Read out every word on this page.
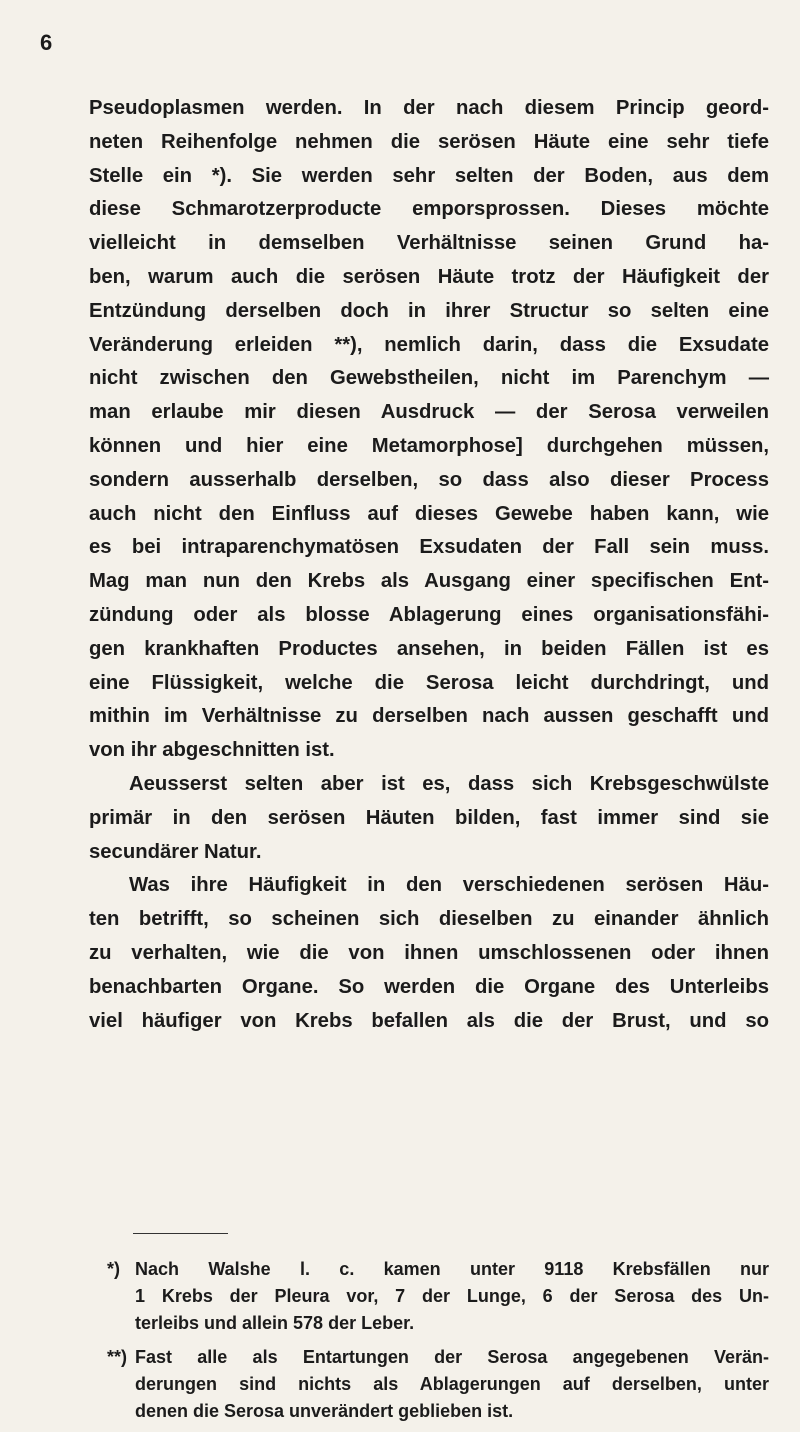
6
Pseudoplasmen werden. In der nach diesem Princip geord-
neten Reihenfolge nehmen die serösen Häute eine sehr tiefe
Stelle ein *). Sie werden sehr selten der Boden, aus dem
diese Schmarotzerproducte emporsprossen. Dieses möchte
vielleicht in demselben Verhältnisse seinen Grund ha-
ben, warum auch die serösen Häute trotz der Häufigkeit der
Entzündung derselben doch in ihrer Structur so selten eine
Veränderung erleiden **), nemlich darin, dass die Exsudate
nicht zwischen den Gewebstheilen, nicht im Parenchym —
man erlaube mir diesen Ausdruck — der Serosa verweilen
können und hier eine Metamorphose] durchgehen müssen,
sondern ausserhalb derselben, so dass also dieser Process
auch nicht den Einfluss auf dieses Gewebe haben kann, wie
es bei intraparenchymatösen Exsudaten der Fall sein muss.
Mag man nun den Krebs als Ausgang einer specifischen Ent-
zündung oder als blosse Ablagerung eines organisationsfähi-
gen krankhaften Productes ansehen, in beiden Fällen ist es
eine Flüssigkeit, welche die Serosa leicht durchdringt, und
mithin im Verhältnisse zu derselben nach aussen geschafft und
von ihr abgeschnitten ist.
Aeusserst selten aber ist es, dass sich Krebsgeschwülste
primär in den serösen Häuten bilden, fast immer sind sie
secundärer Natur.
Was ihre Häufigkeit in den verschiedenen serösen Häu-
ten betrifft, so scheinen sich dieselben zu einander ähnlich
zu verhalten, wie die von ihnen umschlossenen oder ihnen
benachbarten Organe. So werden die Organe des Unterleibs
viel häufiger von Krebs befallen als die der Brust, und so
*) Nach Walshe l. c. kamen unter 9118 Krebsfällen nur
1 Krebs der Pleura vor, 7 der Lunge, 6 der Serosa des Un-
terleibs und allein 578 der Leber.
**) Fast alle als Entartungen der Serosa angegebenen Verän-
derungen sind nichts als Ablagerungen auf derselben, unter
denen die Serosa unverändert geblieben ist.
